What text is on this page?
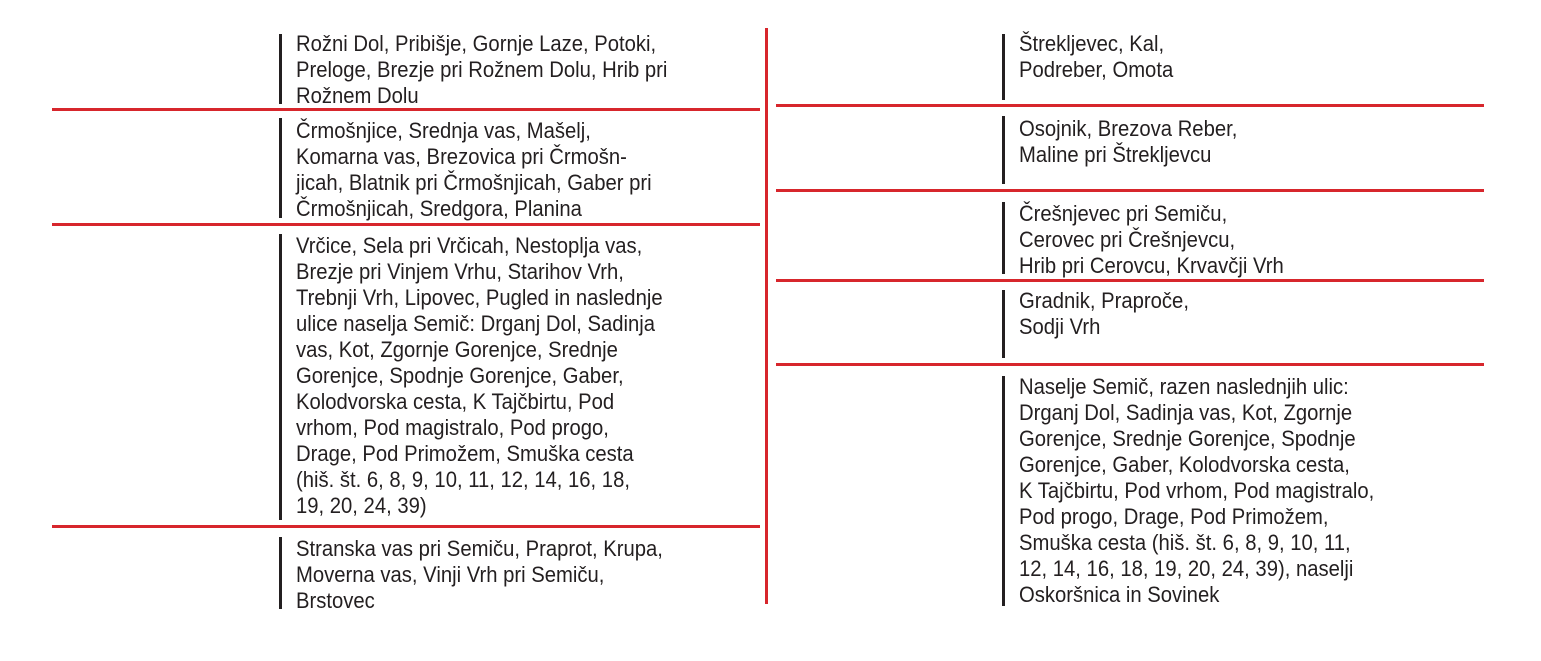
Rožni Dol, Pribišje, Gornje Laze, Potoki,
Preloge, Brezje pri Rožnem Dolu, Hrib pri
Rožnem Dolu
Črmošnjice, Srednja vas, Mašelj,
Komarna vas, Brezovica pri Črmošn-
jicah, Blatnik pri Črmošnjicah, Gaber pri
Črmošnjicah, Sredgora, Planina
Vrčice, Sela pri Vrčicah, Nestoplja vas,
Brezje pri Vinjem Vrhu, Starihov Vrh,
Trebnji Vrh, Lipovec, Pugled in naslednje
ulice naselja Semič: Drganj Dol, Sadinja
vas, Kot, Zgornje Gorenjce, Srednje
Gorenjce, Spodnje Gorenjce, Gaber,
Kolodvorska cesta, K Tajčbirtu, Pod
vrhom, Pod magistralo, Pod progo,
Drage, Pod Primožem, Smuška cesta
(hiš. št. 6, 8, 9, 10, 11, 12, 14, 16, 18,
19, 20, 24, 39)
Stranska vas pri Semiču, Praprot, Krupa,
Moverna vas, Vinji Vrh pri Semiču,
Brstovec
Štrekljevec, Kal,
Podreber, Omota
Osojnik, Brezova Reber,
Maline pri Štrekljevcu
Črešnjevec pri Semiču,
Cerovec pri Črešnjevcu,
Hrib pri Cerovcu, Krvavčji Vrh
Gradnik, Praproče,
Sodji Vrh
Naselje Semič, razen naslednjih ulic:
Drganj Dol, Sadinja vas, Kot, Zgornje
Gorenjce, Srednje Gorenjce, Spodnje
Gorenjce, Gaber, Kolodvorska cesta,
K Tajčbirtu, Pod vrhom, Pod magistralo,
Pod progo, Drage, Pod Primožem,
Smuška cesta (hiš. št. 6, 8, 9, 10, 11,
12, 14, 16, 18, 19, 20, 24, 39), naselji
Oskoršnica in Sovinek
